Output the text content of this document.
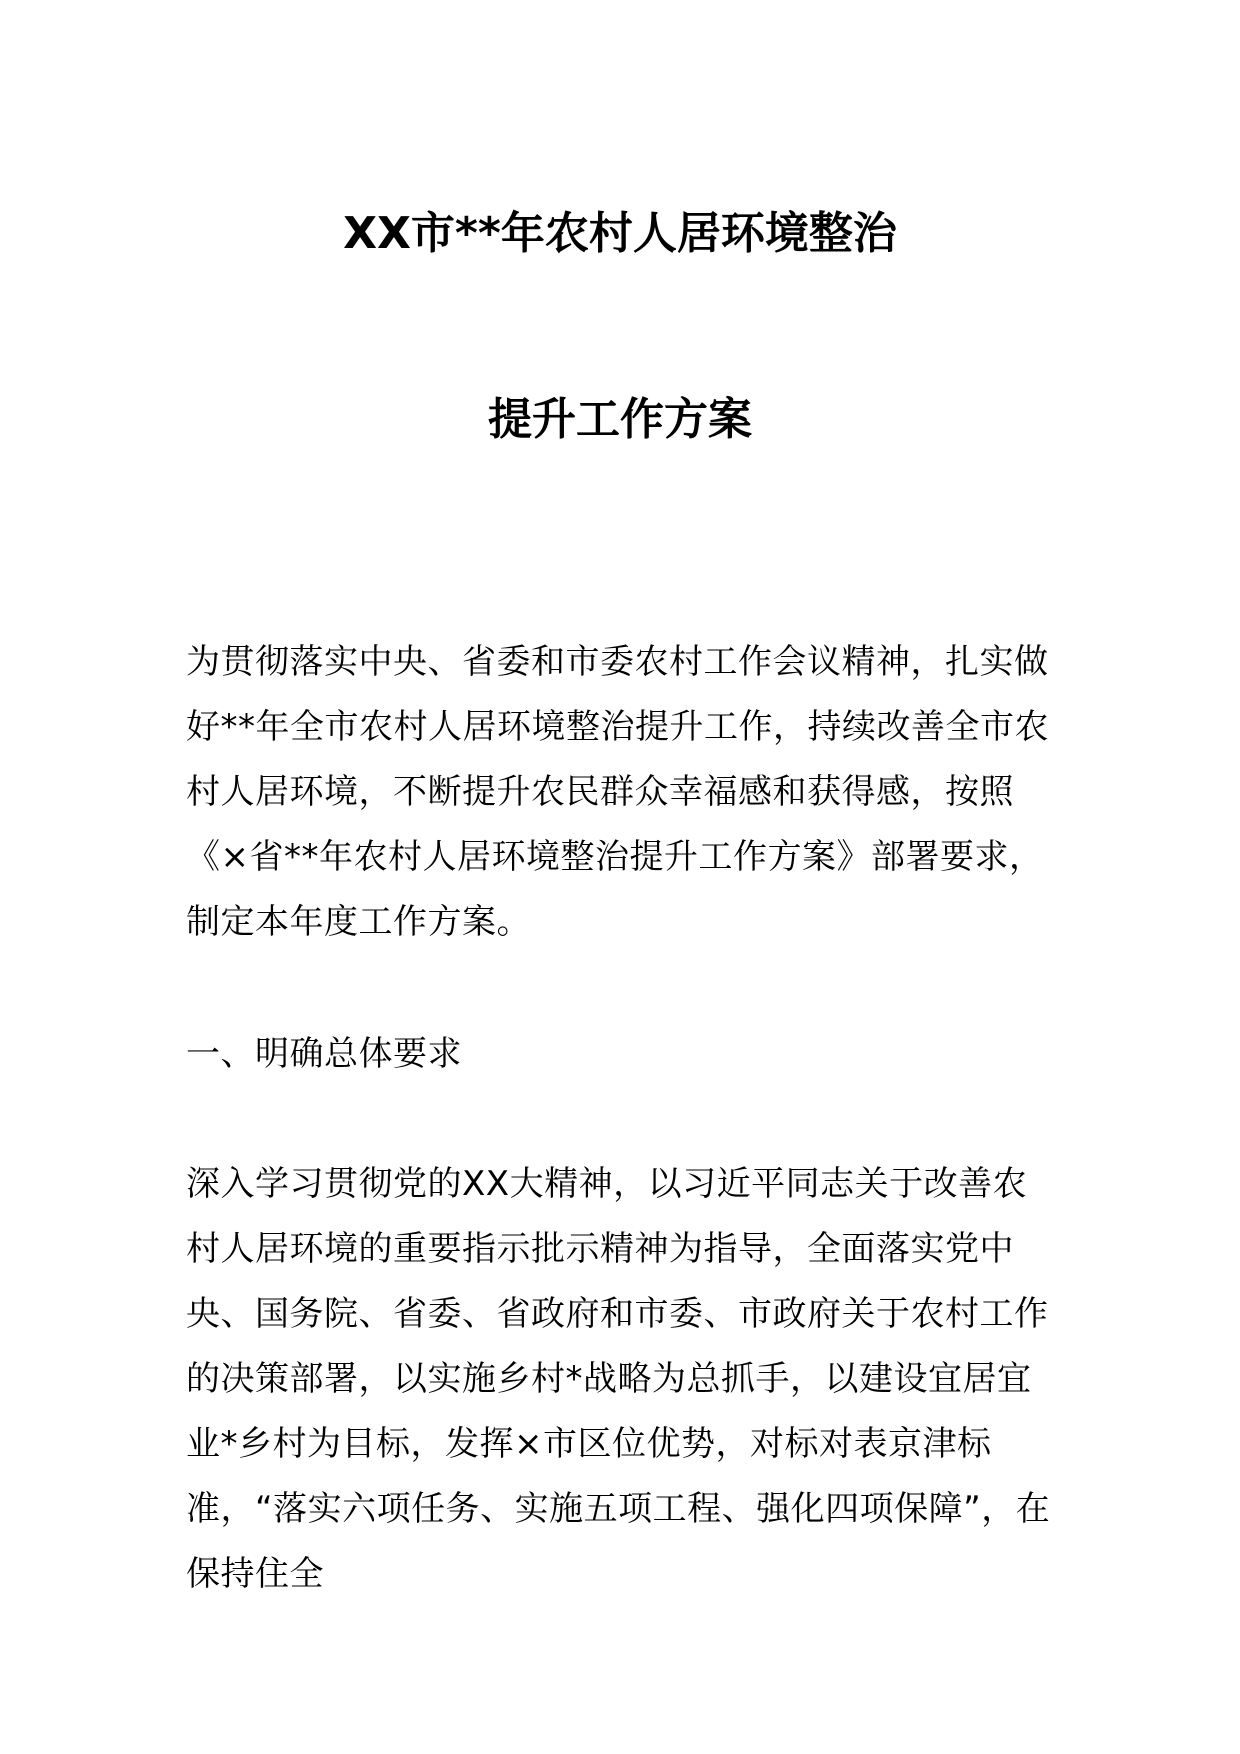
XX市**年农村人居环境整治
提升工作方案

为贯彻落实中央、省委和市委农村工作会议精神，扎实做好**年全市农村人居环境整治提升工作，持续改善全市农村人居环境，不断提升农民群众幸福感和获得感，按照《×省**年农村人居环境整治提升工作方案》部署要求，制定本年度工作方案。

一、明确总体要求

深入学习贯彻党的XX大精神，以习近平同志关于改善农村人居环境的重要指示批示精神为指导，全面落实党中央、国务院、省委、省政府和市委、市政府关于农村工作的决策部署，以实施乡村*战略为总抓手，以建设宜居宜业*乡村为目标，发挥×市区位优势，对标对表京津标准，“落实六项任务、实施五项工程、强化四项保障”，在保持住全
